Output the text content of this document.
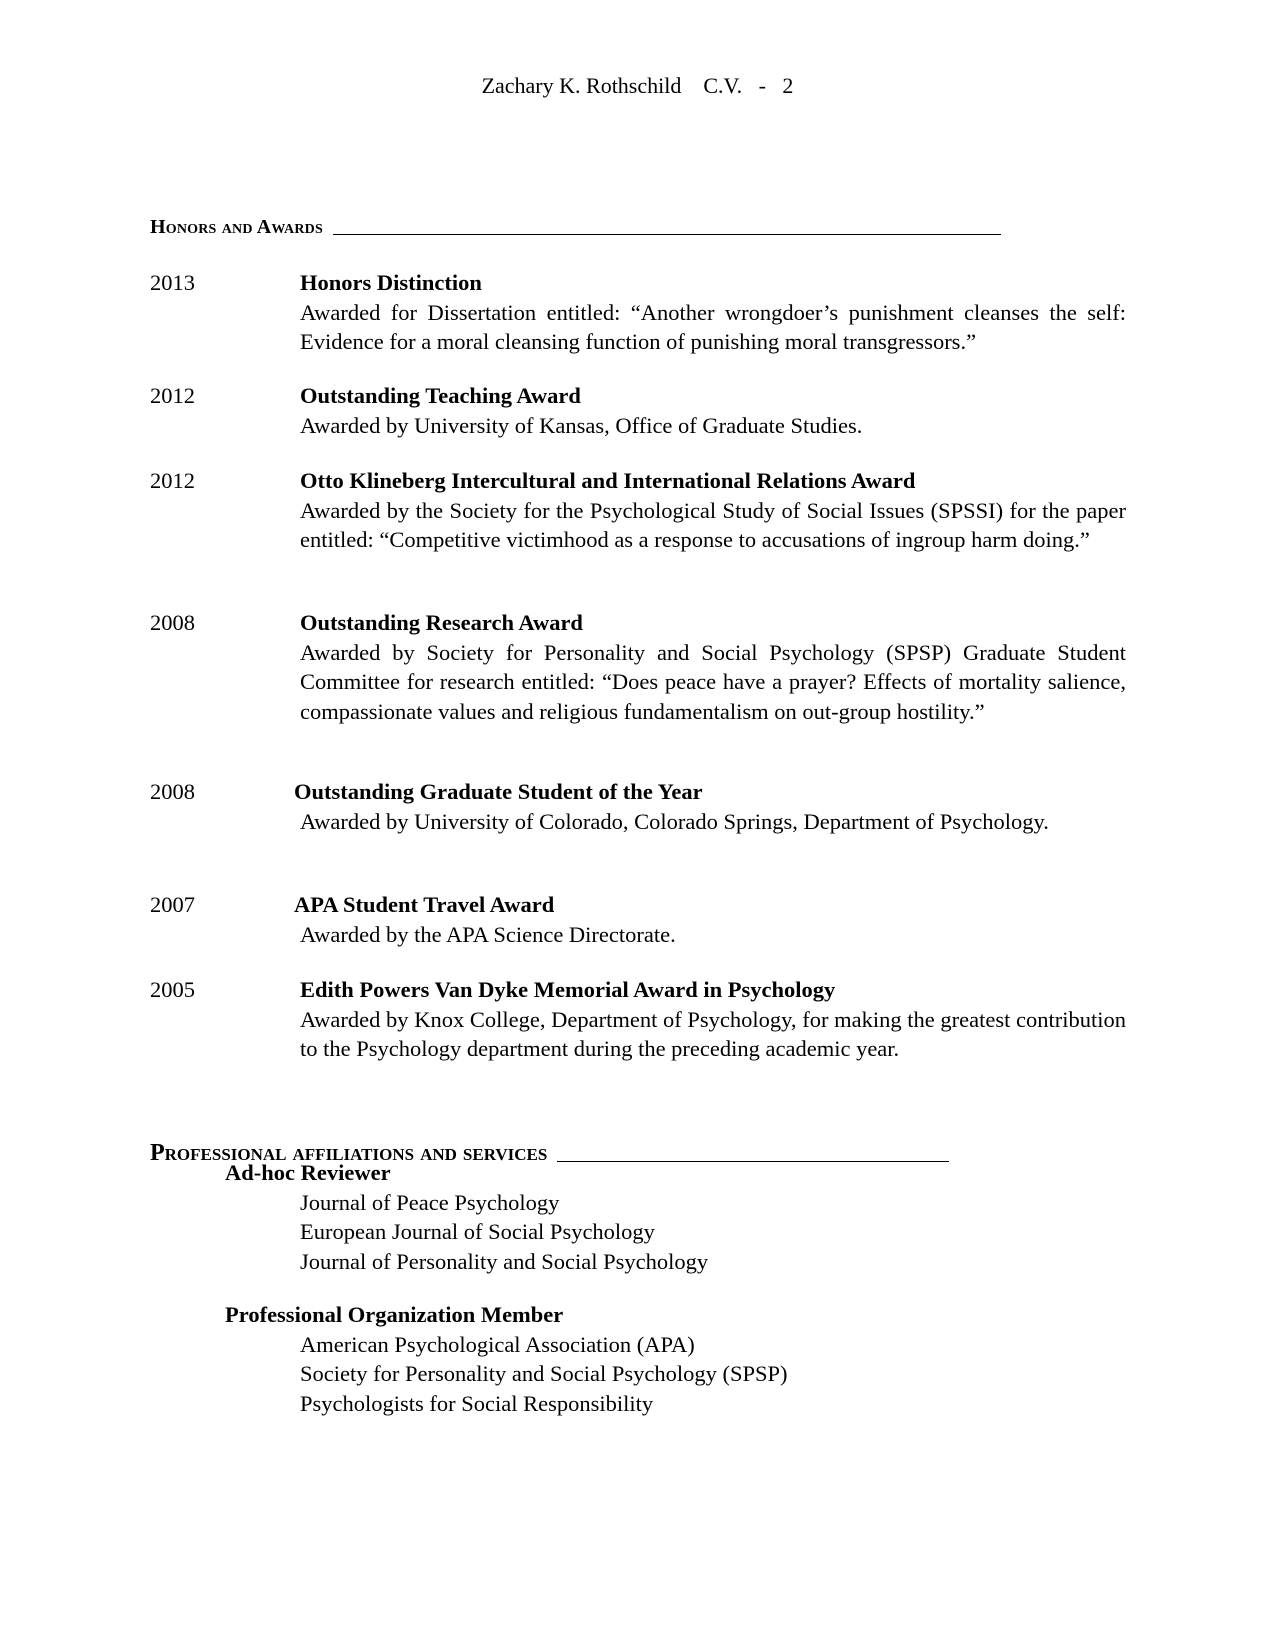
Zachary K. Rothschild    C.V.   -   2
Honors and Awards
2013	Honors Distinction
Awarded for Dissertation entitled: “Another wrongdoer’s punishment cleanses the self: Evidence for a moral cleansing function of punishing moral transgressors.”
2012	Outstanding Teaching Award
Awarded by University of Kansas, Office of Graduate Studies.
2012	Otto Klineberg Intercultural and International Relations Award
Awarded by the Society for the Psychological Study of Social Issues (SPSSI) for the paper entitled: “Competitive victimhood as a response to accusations of ingroup harm doing.”
2008	Outstanding Research Award
Awarded by Society for Personality and Social Psychology (SPSP) Graduate Student Committee for research entitled: “Does peace have a prayer? Effects of mortality salience, compassionate values and religious fundamentalism on out-group hostility.”
2008	Outstanding Graduate Student of the Year
Awarded by University of Colorado, Colorado Springs, Department of Psychology.
2007	APA Student Travel Award
Awarded by the APA Science Directorate.
2005	Edith Powers Van Dyke Memorial Award in Psychology
Awarded by Knox College, Department of Psychology, for making the greatest contribution to the Psychology department during the preceding academic year.
Professional affiliations and services
Ad-hoc Reviewer
Journal of Peace Psychology
European Journal of Social Psychology
Journal of Personality and Social Psychology
Professional Organization Member
American Psychological Association (APA)
Society for Personality and Social Psychology (SPSP)
Psychologists for Social Responsibility
